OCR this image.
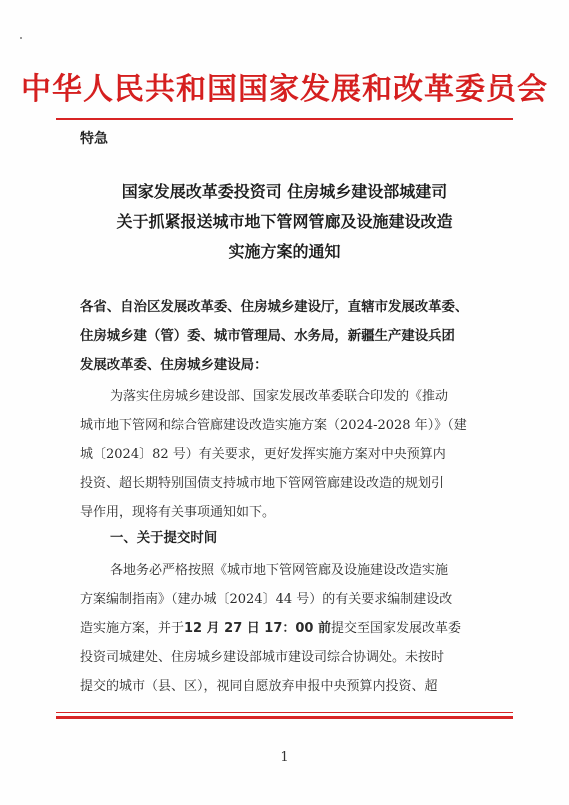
中华人民共和国国家发展和改革委员会
特急
国家发展改革委投资司 住房城乡建设部城建司
关于抓紧报送城市地下管网管廊及设施建设改造
实施方案的通知
各省、自治区发展改革委、住房城乡建设厅，直辖市发展改革委、
住房城乡建（管）委、城市管理局、水务局，新疆生产建设兵团
发展改革委、住房城乡建设局：
为落实住房城乡建设部、国家发展改革委联合印发的《推动
城市地下管网和综合管廊建设改造实施方案（2024-2028 年）》（建
城〔2024〕82 号）有关要求，更好发挥实施方案对中央预算内
投资、超长期特别国债支持城市地下管网管廊建设改造的规划引
导作用，现将有关事项通知如下。
一、关于提交时间
各地务必严格按照《城市地下管网管廊及设施建设改造实施
方案编制指南》（建办城〔2024〕44 号）的有关要求编制建设改
造实施方案，并于12 月 27 日 17：00 前提交至国家发展改革委
投资司城建处、住房城乡建设部城市建设司综合协调处。未按时
提交的城市（县、区），视同自愿放弃申报中央预算内投资、超
1
